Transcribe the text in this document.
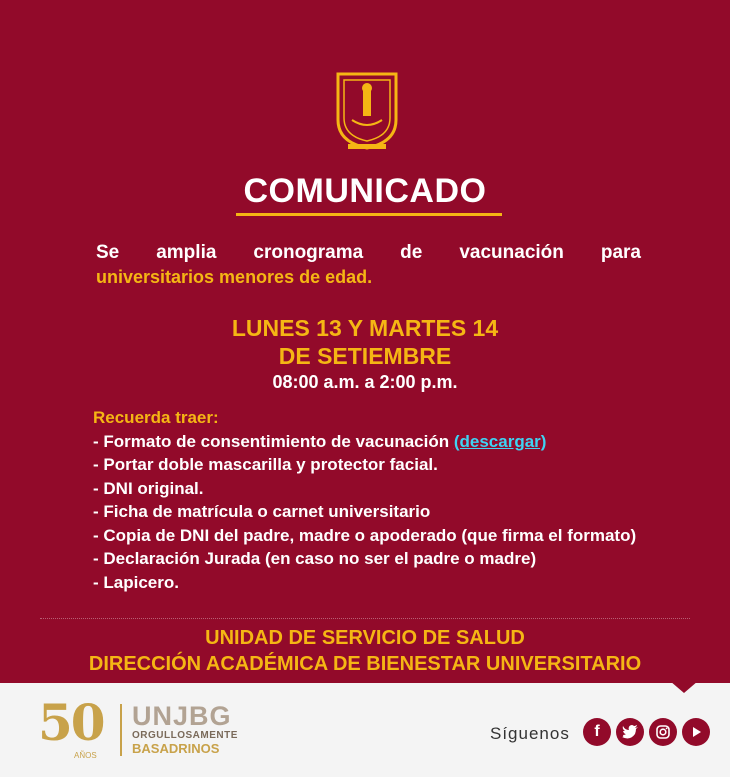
COMUNICADO
Se amplia cronograma de vacunación para
universitarios menores de edad.
LUNES 13 Y MARTES 14
DE SETIEMBRE
08:00 a.m. a 2:00 p.m.
Recuerda traer:
- Formato de consentimiento de vacunación (descargar)
- Portar doble mascarilla y protector facial.
- DNI original.
- Ficha de matrícula o carnet universitario
- Copia de DNI del padre, madre o apoderado (que firma el formato)
- Declaración Jurada (en caso no ser el padre o madre)
- Lapicero.
UNIDAD DE SERVICIO DE SALUD
DIRECCIÓN ACADÉMICA DE BIENESTAR UNIVERSITARIO
50
AÑOS
UNJBG
ORGULLOSAMENTE
BASADRINOS
Síguenos	f
